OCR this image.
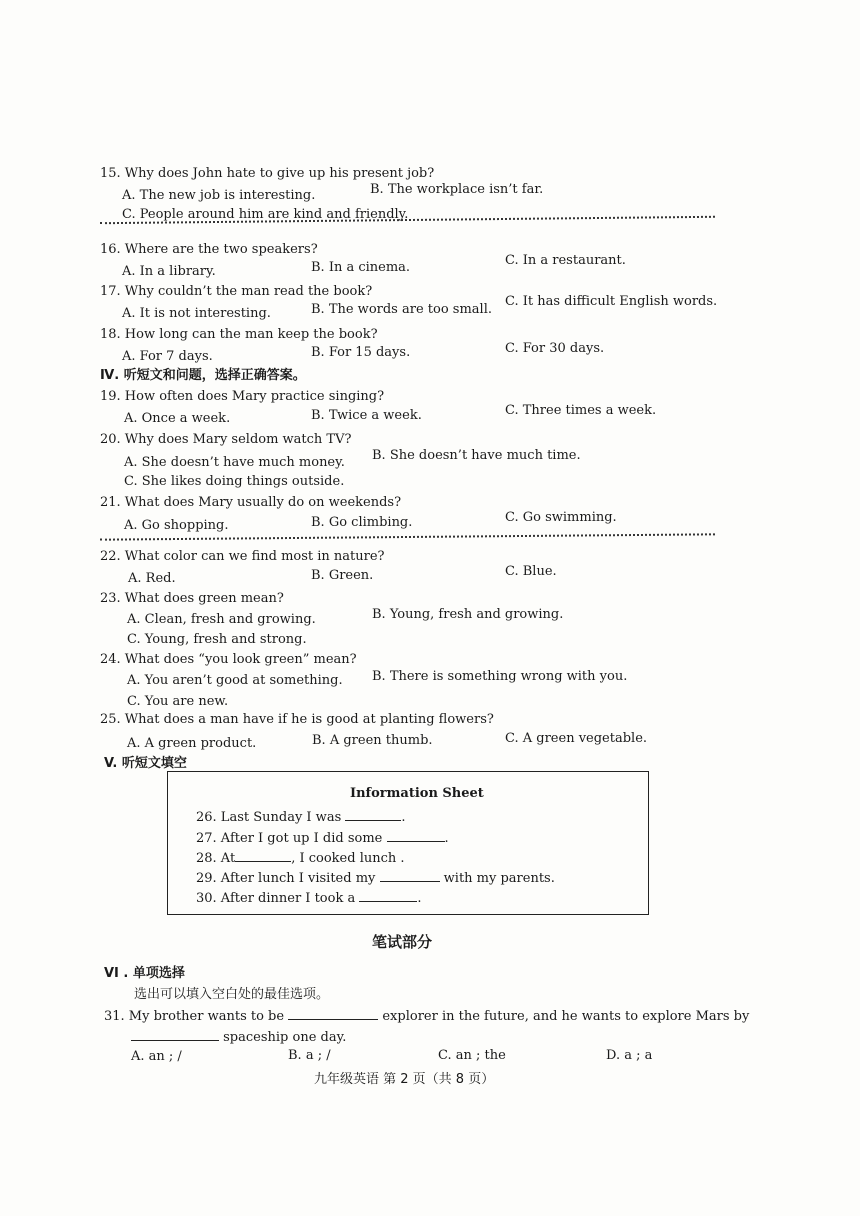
15. Why does John hate to give up his present job?
A. The new job is interesting.	B. The workplace isn’t far.
C. People around him are kind and friendly.
16. Where are the two speakers?
A. In a library.	B. In a cinema.	C. In a restaurant.
17. Why couldn’t the man read the book?
A. It is not interesting.	B. The words are too small.
C. It has difficult English words.
18. How long can the man keep the book?
A. For 7 days.	B. For 15 days.	C. For 30 days.
Ⅳ. 听短文和问题，选择正确答案。
19. How often does Mary practice singing?
A. Once a week.	B. Twice a week.	C. Three times a week.
20. Why does Mary seldom watch TV?
A. She doesn’t have much money. B. She doesn’t have much time.
C. She likes doing things outside.
21. What does Mary usually do on weekends?
A. Go shopping.	B. Go climbing.	C. Go swimming.
22. What color can we find most in nature?
A. Red.	B. Green.	C. Blue.
23. What does green mean?
A. Clean, fresh and growing.	B. Young, fresh and growing.
C. Young, fresh and strong.
24. What does “you look green” mean?
A. You aren’t good at something. B. There is something wrong with you.
C. You are new.
25. What does a man have if he is good at planting flowers?
A. A green product.	B. A green thumb.	C. A green vegetable.
V. 听短文填空
Information Sheet
26. Last Sunday I was	.
27. After I got up I did some	.
28. At	, I cooked lunch .
29. After lunch I visited my	with my parents.
30. After dinner I took a	.
笔试部分
VI . 单项选择
选出可以填入空白处的最佳选项。
31. My brother wants to be	explorer in the future, and he wants to explore Mars by
spaceship one day.
A. an ; /	B. a ; /	C. an ; the	D. a ; a
九年级英语 第 2 页（共 8 页）
